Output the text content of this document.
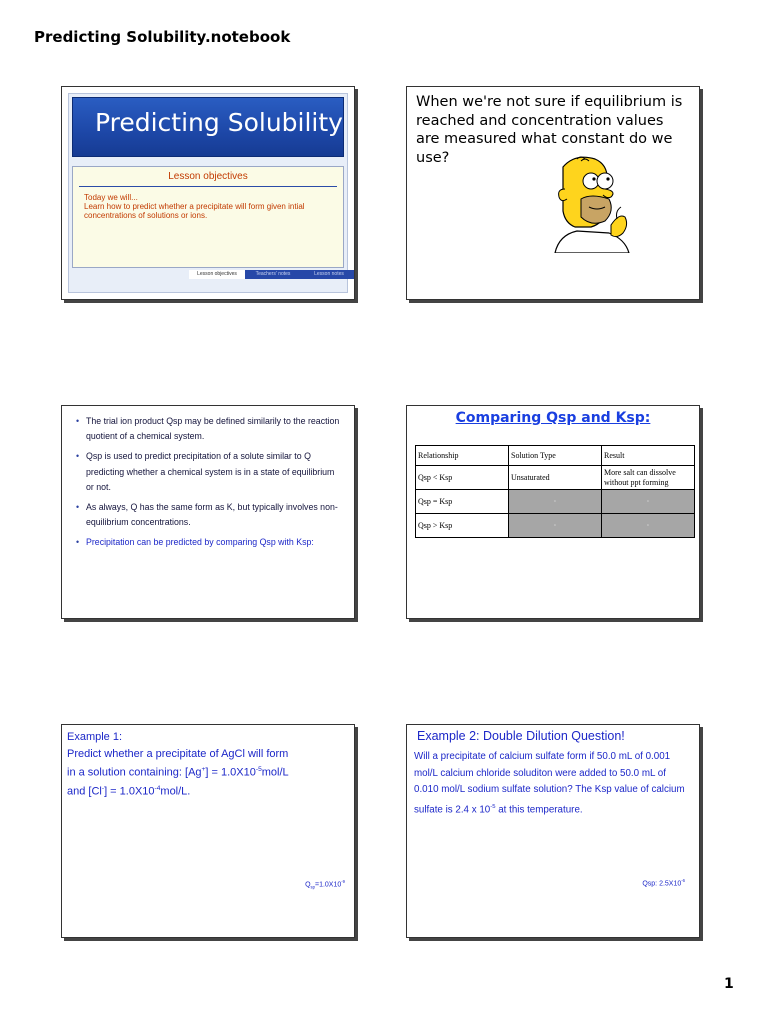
Predicting Solubility.notebook
Predicting Solubility
Lesson objectives
Today we will...
Learn how to predict whether a precipitate will form given intial concentrations of solutions or ions.
Lesson objectives	Teachers' notes	Lesson notes
When we're not sure if equilibrium is reached and concentration values are measured what constant do we use?
• The trial ion product Qsp may be defined similarily to the reaction quotient of a chemical system.
• Qsp is used to predict precipitation of a solute similar to Q predicting whether a chemical system is in a state of equilibrium or not.
• As always, Q has the same form as K, but typically involves non-equilibrium concentrations.
• Precipitation can be predicted by comparing Qsp with Ksp:
Comparing Qsp and Ksp:
Relationship	Solution Type	Result
Qsp < Ksp	Unsaturated	More salt can dissolve without ppt forming
Qsp = Ksp	▫	▫
Qsp > Ksp	▫	▫
Example 1:
Predict whether a precipitate of AgCl will form
in a solution containing: $[Ag^+] = 1.0X10^{-5}mol/L$
and $[Cl^-] = 1.0X10^{-4}mol/L$.
$Q_{sp}=1.0X10^{-9}$
Example 2: Double Dilution Question!
Will a precipitate of calcium sulfate form if 50.0 mL of 0.001 mol/L calcium chloride soluditon were added to 50.0 mL of 0.010 mol/L sodium sulfate solution? The Ksp value of calcium sulfate is 2.4 x $10^{-5}$ at this temperature.
Qsp: $2.5X10^{-6}$
1
